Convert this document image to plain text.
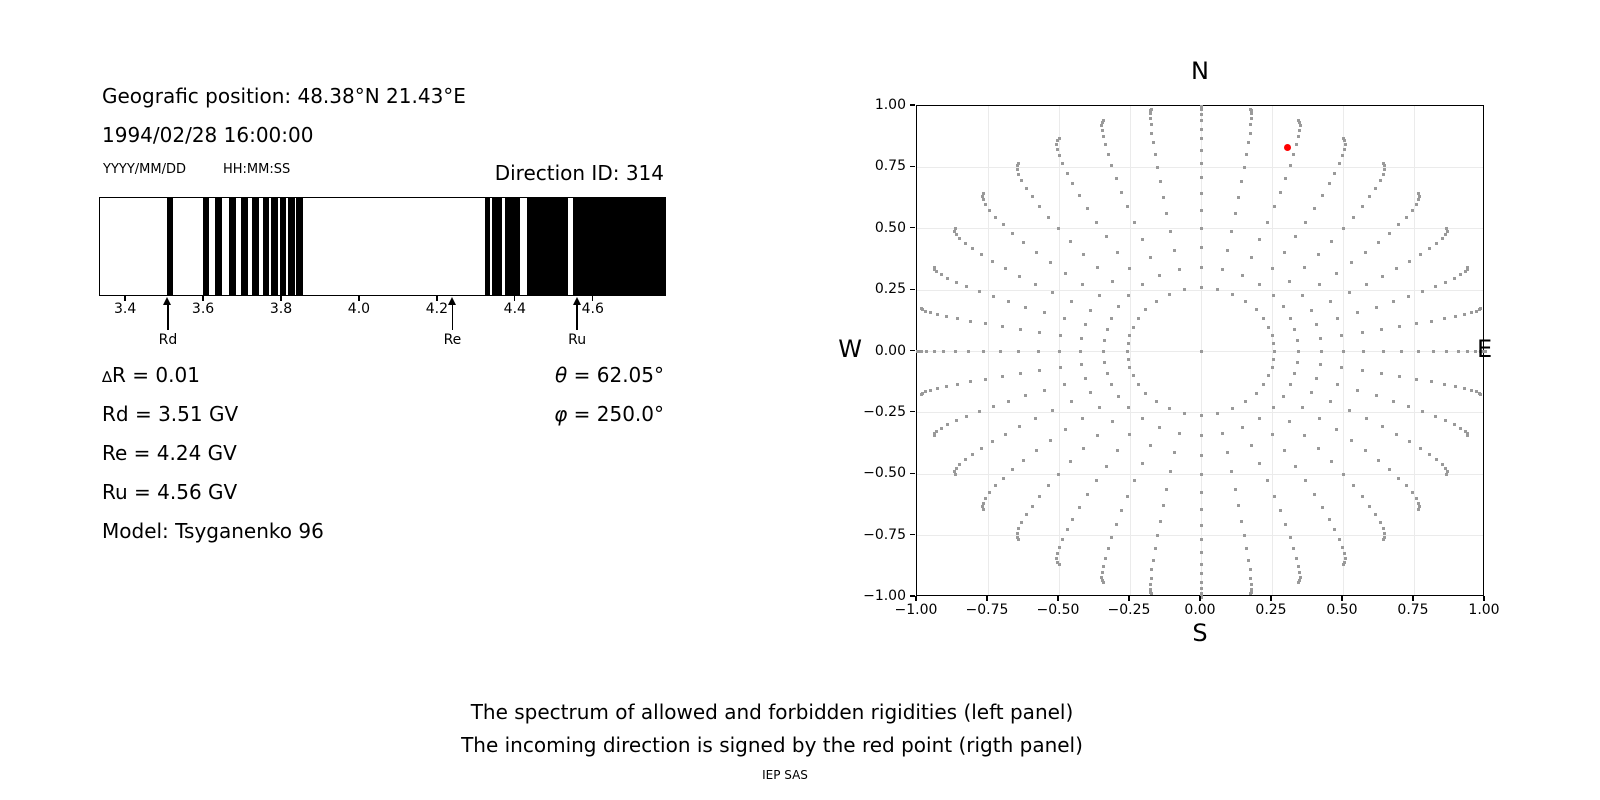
Geografic position: 48.38°N 21.43°E
1994/02/28 16:00:00
YYYY/MM/DD	HH:MM:SS	Direction ID: 314
3.4	3.6	3.8	4.0	4.2	4.4	4.6
Rd	Re	Ru
∆R = 0.01
Rd = 3.51 GV
Re = 4.24 GV
Ru = 4.56 GV
Model: Tsyganenko 96
θ = 62.05°
φ = 250.0°
−1.00 −0.75 −0.50 −0.25 0.00	0.25	0.50	0.75	1.00
1.00
0.75
0.50
0.25
0.00
−0.25
−0.50
−0.75
−1.00
N
S
W	E
The spectrum of allowed and forbidden rigidities (left panel)
The incoming direction is signed by the red point (rigth panel)
IEP SAS
